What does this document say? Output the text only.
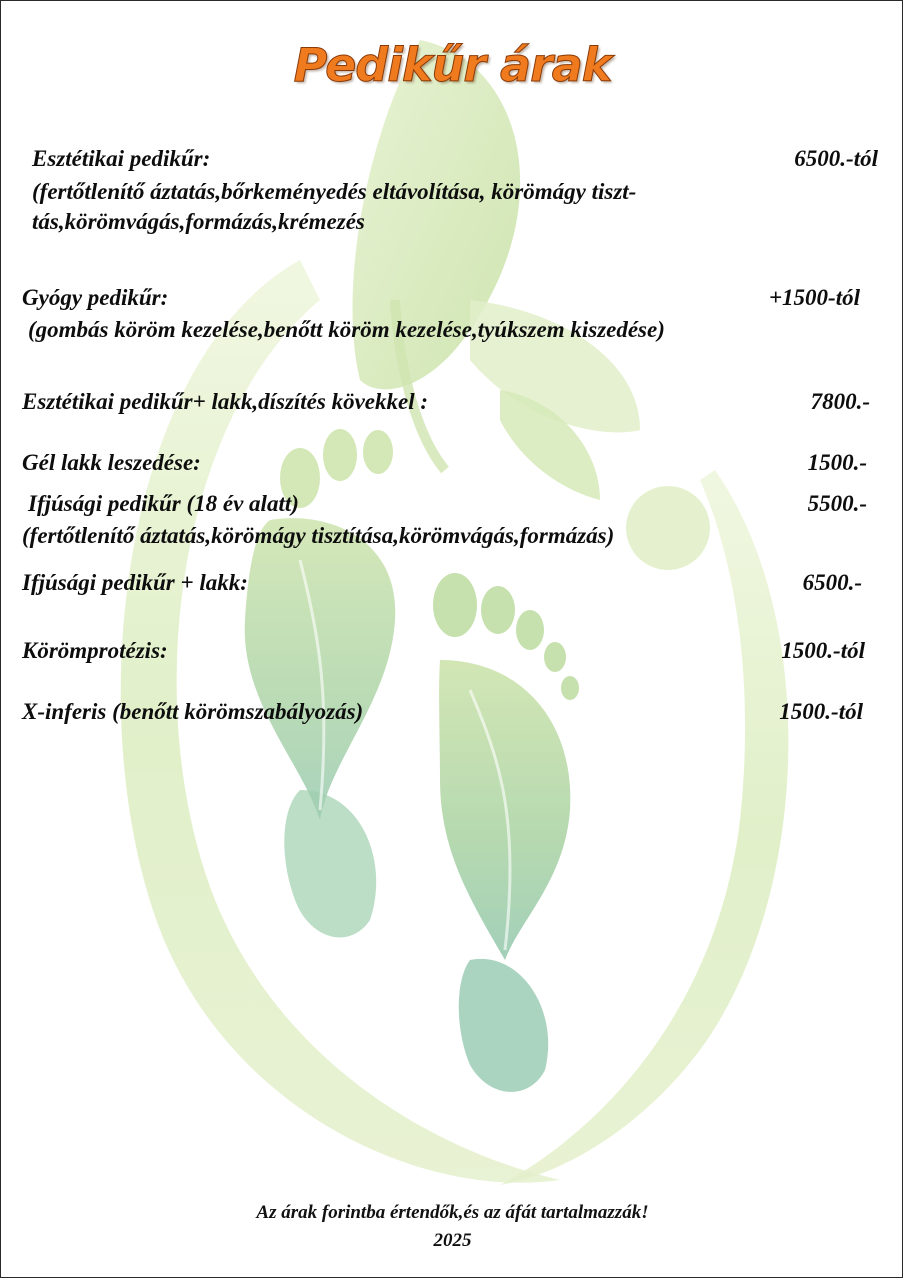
Pedikűr árak
Esztétikai pedikűr:	6500.-tól
(fertőtlenítő áztatás,bőrkeményedés eltávolítása, körömágy tiszt-
tás,körömvágás,formázás,krémezés
Gyógy pedikűr:	+1500-tól
(gombás köröm kezelése,benőtt köröm kezelése,tyúkszem kiszedése)
Esztétikai pedikűr+ lakk,díszítés kövekkel :	7800.-
Gél lakk leszedése:	1500.-
Ifjúsági pedikűr (18 év alatt)	5500.-
(fertőtlenítő áztatás,körömágy tisztítása,körömvágás,formázás)
Ifjúsági pedikűr + lakk:	6500.-
Körömprotézis:	1500.-tól
X-inferis (benőtt körömszabályozás)	1500.-tól
Az árak forintba értendők,és az áfát tartalmazzák!
2025
